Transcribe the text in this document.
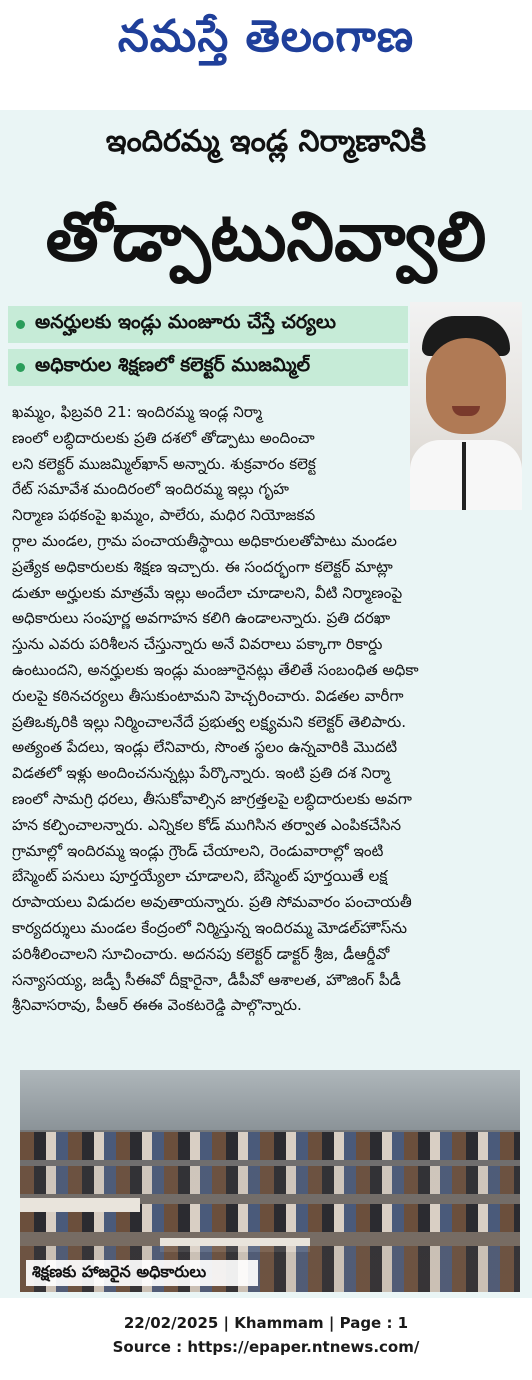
నమస్తే తెలంగాణ
ఇందిరమ్మ ఇండ్ల నిర్మాణానికి
తోడ్పాటునివ్వాలి
అనర్హులకు ఇండ్లు మంజూరు చేస్తే చర్యలు
అధికారుల శిక్షణలో కలెక్టర్ ముజమ్మిల్
ఖమ్మం, ఫిబ్రవరి 21: ఇందిరమ్మ ఇండ్ల నిర్మా
ణంలో లబ్ధిదారులకు ప్రతి దశలో తోడ్పాటు అందించా
లని కలెక్టర్ ముజమ్మిల్‌ఖాన్ అన్నారు. శుక్రవారం కలెక్ట
రేట్ సమావేశ మందిరంలో ఇందిరమ్మ ఇల్లు గృహ
నిర్మాణ పథకంపై ఖమ్మం, పాలేరు, మధిర నియోజకవ
ర్గాల మండల, గ్రామ పంచాయతీస్థాయి అధికారులతోపాటు మండల
ప్రత్యేక అధికారులకు శిక్షణ ఇచ్చారు. ఈ సందర్భంగా కలెక్టర్ మాట్లా
డుతూ అర్హులకు మాత్రమే ఇల్లు అందేలా చూడాలని, వీటి నిర్మాణంపై
అధికారులు సంపూర్ణ అవగాహన కలిగి ఉండాలన్నారు. ప్రతి దరఖా
స్తును ఎవరు పరిశీలన చేస్తున్నారు అనే వివరాలు పక్కాగా రికార్డు
ఉంటుందని, అనర్హులకు ఇండ్లు మంజూరైనట్లు తేలితే సంబంధిత అధికా
రులపై కఠినచర్యలు తీసుకుంటామని హెచ్చరించారు. విడతల వారీగా
ప్రతిఒక్కరికి ఇల్లు నిర్మించాలనేదే ప్రభుత్వ లక్ష్యమని కలెక్టర్ తెలిపారు.
అత్యంత పేదలు, ఇండ్లు లేనివారు, సొంత స్థలం ఉన్నవారికి మొదటి
విడతలో ఇళ్లు అందించనున్నట్లు పేర్కొన్నారు. ఇంటి ప్రతి దశ నిర్మా
ణంలో సామగ్రి ధరలు, తీసుకోవాల్సిన జాగ్రత్తలపై లబ్ధిదారులకు అవగా
హన కల్పించాలన్నారు. ఎన్నికల కోడ్ ముగిసిన తర్వాత ఎంపికచేసిన
గ్రామాల్లో ఇందిరమ్మ ఇండ్లు గ్రౌండ్ చేయాలని, రెండువారాల్లో ఇంటి
బేస్మెంట్ పనులు పూర్తయ్యేలా చూడాలని, బేస్మెంట్ పూర్తయితే లక్ష
రూపాయలు విడుదల అవుతాయన్నారు. ప్రతి సోమవారం పంచాయతీ
కార్యదర్శులు మండల కేంద్రంలో నిర్మిస్తున్న ఇందిరమ్మ మోడల్‌హౌస్‌ను
పరిశీలించాలని సూచించారు. అదనపు కలెక్టర్ డాక్టర్ శ్రీజ, డీఆర్డీవో
సన్యాసయ్య, జడ్పీ సీఈవో దీక్షారైనా, డీపీవో ఆశాలత, హౌజింగ్ పీడీ
శ్రీనివాసరావు, పీఆర్ ఈఈ వెంకటరెడ్డి పాల్గొన్నారు.
శిక్షణకు హాజరైన అధికారులు
22/02/2025 | Khammam | Page : 1
Source : https://epaper.ntnews.com/
